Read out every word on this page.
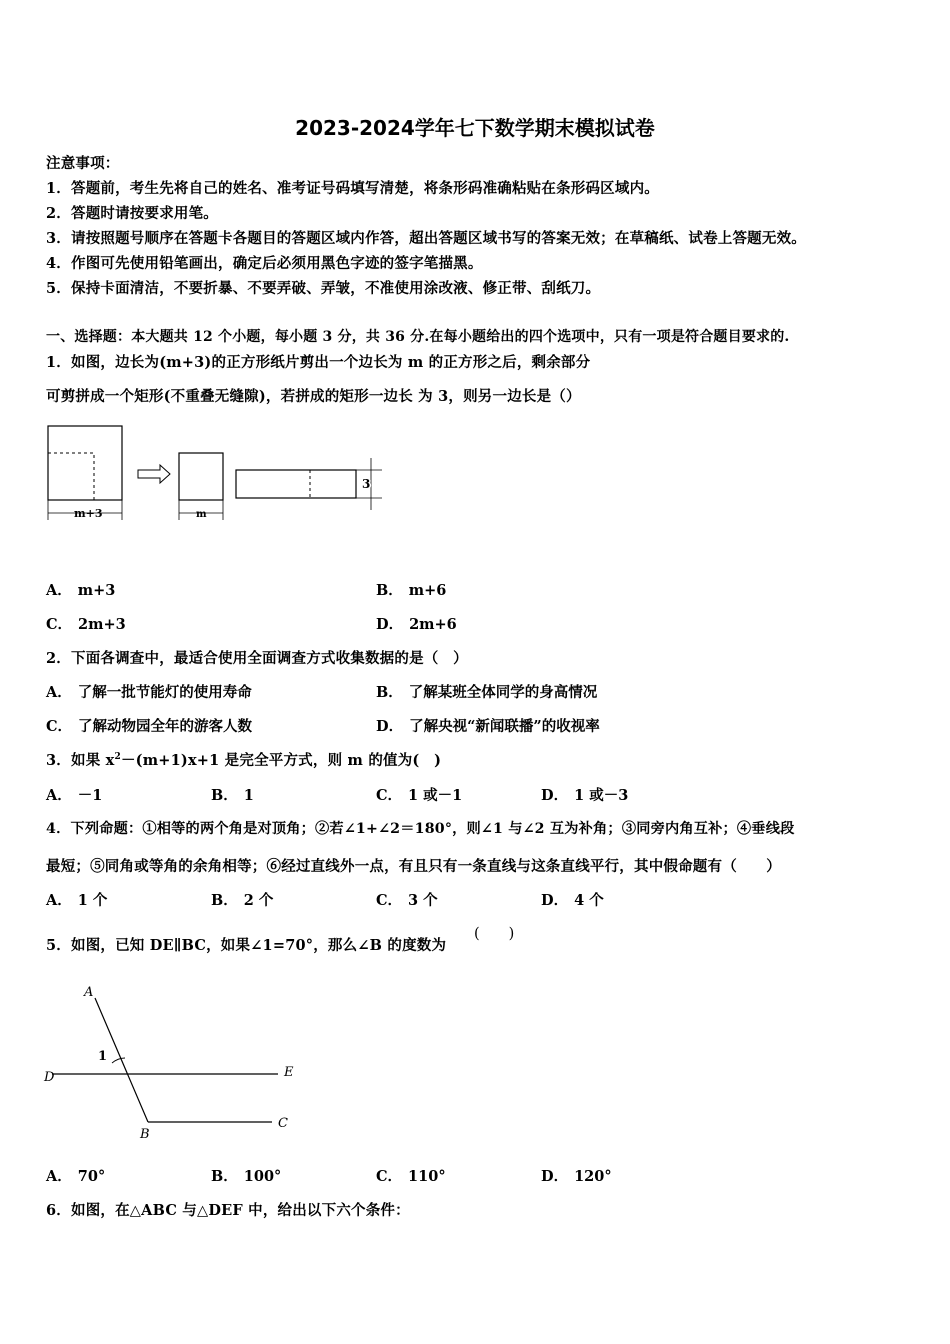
2023-2024学年七下数学期末模拟试卷
注意事项：
1．答题前，考生先将自己的姓名、准考证号码填写清楚，将条形码准确粘贴在条形码区域内。
2．答题时请按要求用笔。
3．请按照题号顺序在答题卡各题目的答题区域内作答，超出答题区域书写的答案无效；在草稿纸、试卷上答题无效。
4．作图可先使用铅笔画出，确定后必须用黑色字迹的签字笔描黑。
5．保持卡面清洁，不要折暴、不要弄破、弄皱，不准使用涂改液、修正带、刮纸刀。
一、选择题：本大题共 12 个小题，每小题 3 分，共 36 分.在每小题给出的四个选项中，只有一项是符合题目要求的.
1．如图，边长为(m+3)的正方形纸片剪出一个边长为 m 的正方形之后，剩余部分
可剪拼成一个矩形(不重叠无缝隙)，若拼成的矩形一边长 为 3，则另一边长是（）
m+3	m
3
A． m+3	B． m+6
C． 2m+3	D． 2m+6
2．下面各调查中，最适合使用全面调查方式收集数据的是（　）
A． 了解一批节能灯的使用寿命	B． 了解某班全体同学的身高情况
C． 了解动物园全年的游客人数	D． 了解央视“新闻联播”的收视率
3．如果 $x^2-(m+1)x+1$ 是完全平方式，则 m 的值为(　)
A． －1	B． 1	C． 1 或－1	D． 1 或－3
4．下列命题：①相等的两个角是对顶角；②若∠1+∠2＝180°，则∠1 与∠2 互为补角；③同旁内角互补；④垂线段
最短；⑤同角或等角的余角相等；⑥经过直线外一点，有且只有一条直线与这条直线平行，其中假命题有（　　）
A． 1 个	B． 2 个	C． 3 个	D． 4 个
5．如图，已知 DE∥BC，如果∠1=70°，那么∠B 的度数为
(　　)
A
D	E
B
C
1
A． 70°	B． 100°	C． 110°	D． 120°
6．如图，在△ABC 与△DEF 中，给出以下六个条件：
